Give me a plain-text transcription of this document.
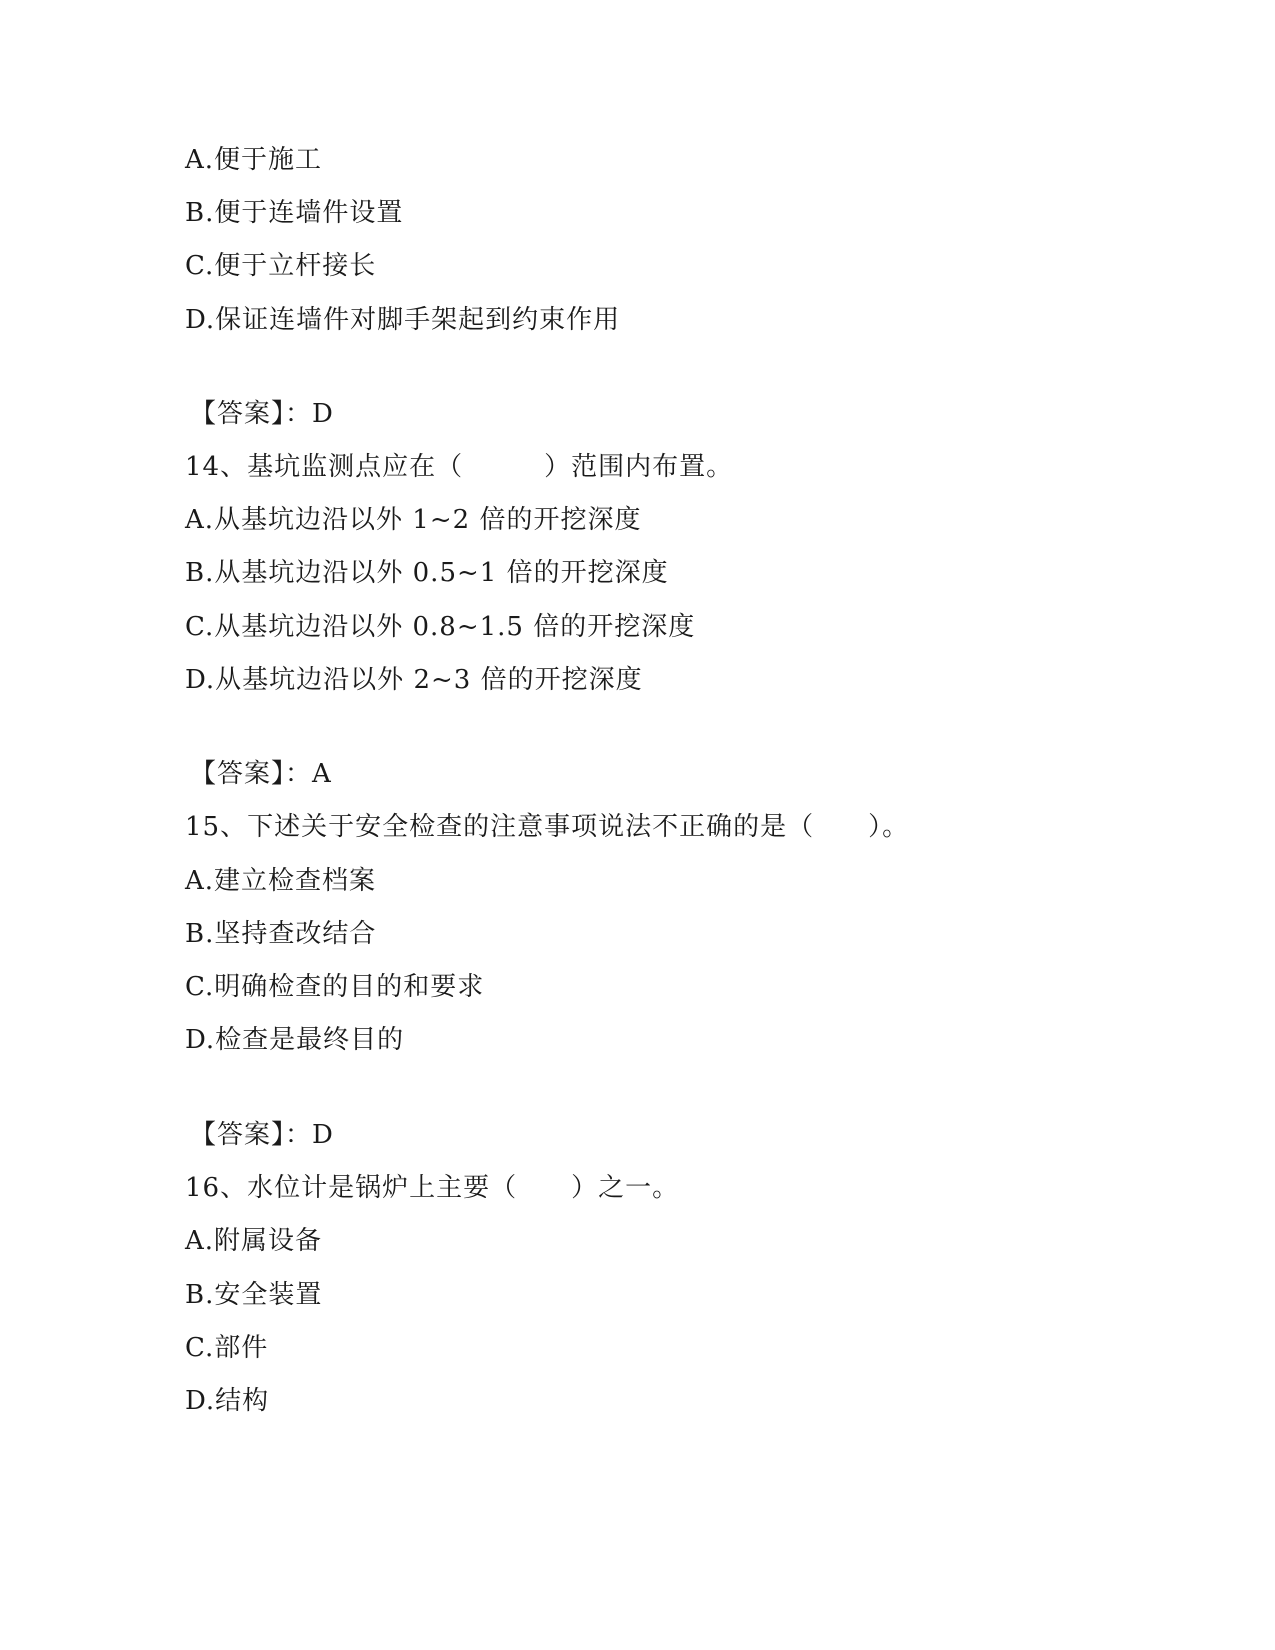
A.便于施工
B.便于连墙件设置
C.便于立杆接长
D.保证连墙件对脚手架起到约束作用
【答案】：D
14、基坑监测点应在（　　　）范围内布置。
A.从基坑边沿以外 1~2 倍的开挖深度
B.从基坑边沿以外 0.5~1 倍的开挖深度
C.从基坑边沿以外 0.8~1.5 倍的开挖深度
D.从基坑边沿以外 2~3 倍的开挖深度
【答案】：A
15、下述关于安全检查的注意事项说法不正确的是（　　）。
A.建立检查档案
B.坚持查改结合
C.明确检查的目的和要求
D.检查是最终目的
【答案】：D
16、水位计是锅炉上主要（　　）之一。
A.附属设备
B.安全装置
C.部件
D.结构
